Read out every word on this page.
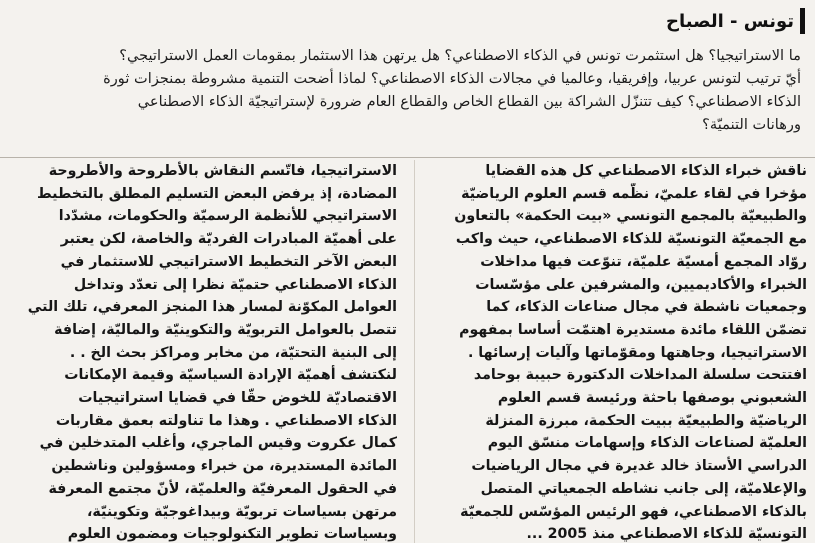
تونس - الصباح

ما الاستراتيجيا؟ هل استثمرت تونس في الذكاء الاصطناعي؟ هل يرتهن هذا الاستثمار بمقومات العمل الاستراتيجي؟

أيّ ترتيب لتونس عربيا، وإفريقيا، وعالميا في مجالات الذكاء الاصطناعي؟ لماذا أضحت التنمية مشروطة بمنجزات ثورة

الذكاء الاصطناعي؟ كيف تتنزّل الشراكة بين القطاع الخاص والقطاع العام ضرورة لإستراتيجيّة الذكاء الاصطناعي

ورهانات التنميّة؟

ناقش خبراء الذكاء الاصطناعي كل هذه القضايا
مؤخرا في لقاء علميّ، نظّمه قسم العلوم الرياضيّة
والطبيعيّة بالمجمع التونسي «بيت الحكمة» بالتعاون
مع الجمعيّة التونسيّة للذكاء الاصطناعي، حيث واكب
روّاد المجمع أمسيّة علميّة، تنوّعت فيها مداخلات
الخبراء والأكاديميين، والمشرفين على مؤسّسات
وجمعيات ناشطة في مجال صناعات الذكاء، كما
تضمّن اللقاء مائدة مستديرة اهتمّت أساسا بمفهوم
الاستراتيجيا، وجاهتها ومقوّماتها وآليات إرسائها .
افتتحت سلسلة المداخلات الدكتورة حبيبة بوحامد
الشعبوني بوصفها باحثة ورئيسة قسم العلوم
الرياضيّة والطبيعيّة ببيت الحكمة، مبرزة المنزلة
العلميّة لصناعات الذكاء وإسهامات منسّق اليوم
الدراسي الأستاذ خالد غديرة في مجال الرياضيات
والإعلاميّة، إلى جانب نشاطه الجمعياتي المتصل
بالذكاء الاصطناعي، فهو الرئيس المؤسّس للجمعيّة
التونسيّة للذكاء الاصطناعي منذ 2005 ...
الاستراتيجيا، فاتّسم النقاش بالأطروحة والأطروحة
المضادة، إذ يرفض البعض التسليم المطلق بالتخطيط
الاستراتيجي للأنظمة الرسميّة والحكومات، مشدّدا
على أهميّة المبادرات الفرديّة والخاصة، لكن يعتبر
البعض الآخر التخطيط الاستراتيجي للاستثمار في
الذكاء الاصطناعي حتميّة نظرا إلى تعدّد وتداخل
العوامل المكوّنة لمسار هذا المنجز المعرفي، تلك التي
تتصل بالعوامل التربويّة والتكوينيّة والماليّة، إضافة
إلى البنية التحتيّة، من مخابر ومراكز بحث الخ . .
لنكتشف أهميّة الإرادة السياسيّة وقيمة الإمكانات
الاقتصاديّة للخوض حقّا في قضايا استراتيجيات
الذكاء الاصطناعي . وهذا ما تناولته بعمق مقاربات
كمال عكروت وقيس الماجري، وأغلب المتدخلين في
المائدة المستديرة، من خبراء ومسؤولين وناشطين
في الحقول المعرفيّة والعلميّة، لأنّ مجتمع المعرفة
مرتهن بسياسات تربويّة وبيداغوجيّة وتكوينيّة،
وبسياسات تطوير التكنولوجيات ومضمون العلوم
